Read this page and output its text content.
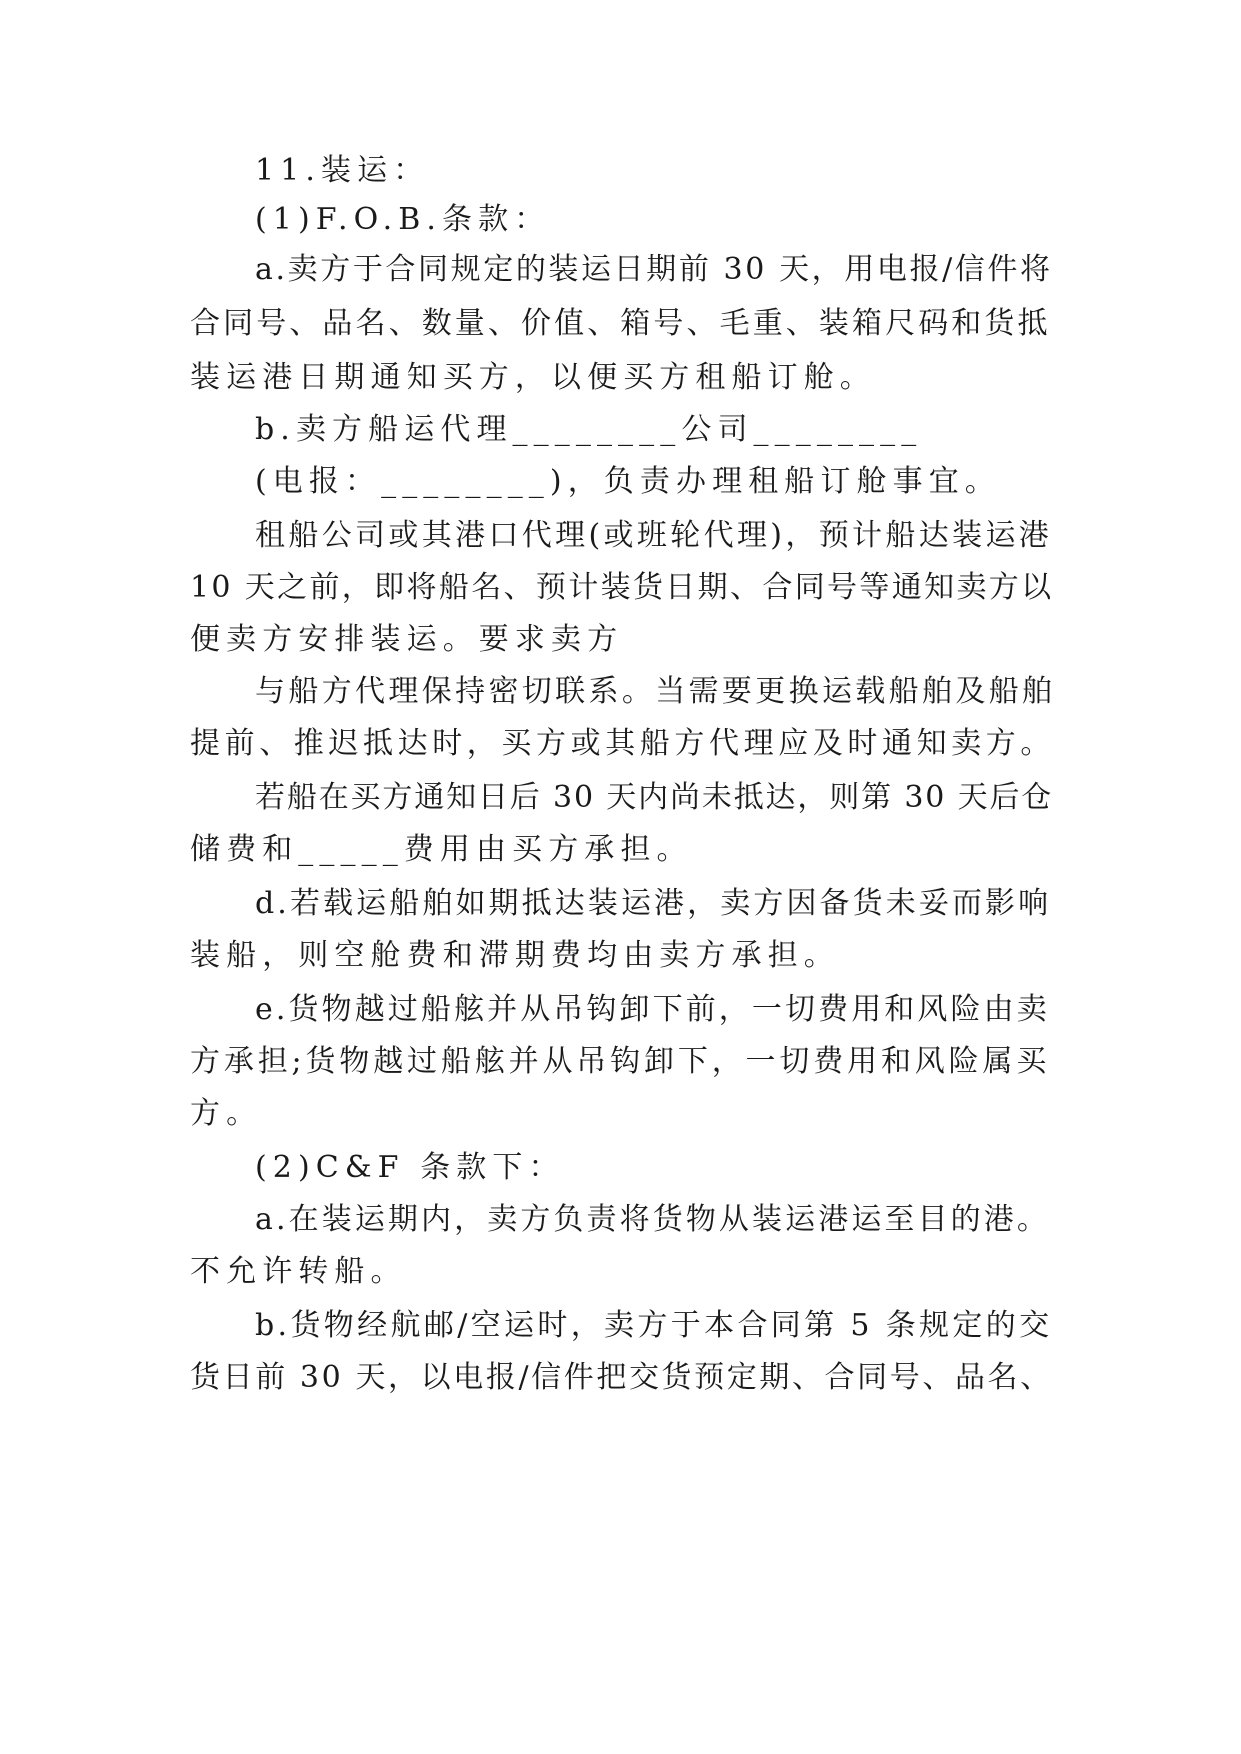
11.装运：
(1)F.O.B.条款：
a.卖方于合同规定的装运日期前 30 天，用电报/信件将
合同号、品名、数量、价值、箱号、毛重、装箱尺码和货抵
装运港日期通知买方，以便买方租船订舱。
b.卖方船运代理________公司________
(电报：________)，负责办理租船订舱事宜。
租船公司或其港口代理(或班轮代理)，预计船达装运港
10 天之前，即将船名、预计装货日期、合同号等通知卖方以
便卖方安排装运。要求卖方
与船方代理保持密切联系。当需要更换运载船舶及船舶
提前、推迟抵达时，买方或其船方代理应及时通知卖方。
若船在买方通知日后 30 天内尚未抵达，则第 30 天后仓
储费和_____费用由买方承担。
d.若载运船舶如期抵达装运港，卖方因备货未妥而影响
装船，则空舱费和滞期费均由卖方承担。
e.货物越过船舷并从吊钩卸下前，一切费用和风险由卖
方承担;货物越过船舷并从吊钩卸下，一切费用和风险属买
方。
(2)C&F 条款下：
a.在装运期内，卖方负责将货物从装运港运至目的港。
不允许转船。
b.货物经航邮/空运时，卖方于本合同第 5 条规定的交
货日前 30 天，以电报/信件把交货预定期、合同号、品名、
